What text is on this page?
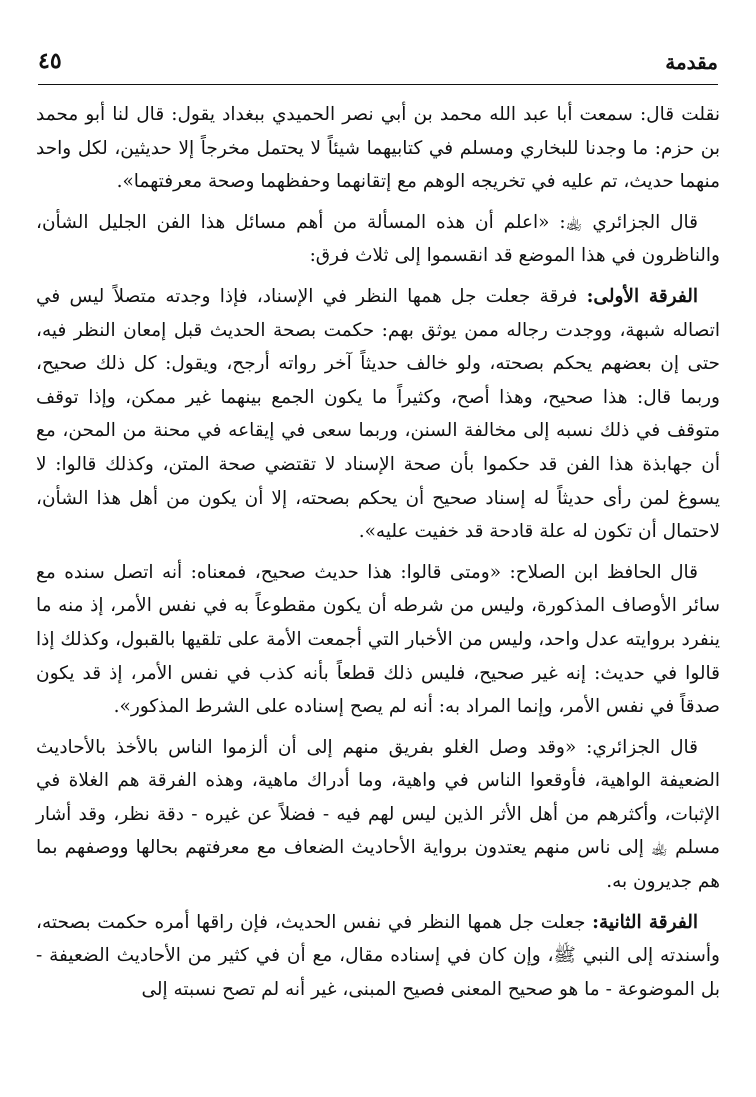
مقدمة
٤٥

نقلت قال: سمعت أبا عبد الله محمد بن أبي نصر الحميدي ببغداد يقول: قال لنا أبو محمد بن حزم: ما وجدنا للبخاري ومسلم في كتابيهما شيئاً لا يحتمل مخرجاً إلا حديثين، لكل واحد منهما حديث، تم عليه في تخريجه الوهم مع إتقانهما وحفظهما وصحة معرفتهما».

قال الجزائري ﵀: «اعلم أن هذه المسألة من أهم مسائل هذا الفن الجليل الشأن، والناظرون في هذا الموضع قد انقسموا إلى ثلاث فرق:

الفرقة الأولى: فرقة جعلت جل همها النظر في الإسناد، فإذا وجدته متصلاً ليس في اتصاله شبهة، ووجدت رجاله ممن يوثق بهم: حكمت بصحة الحديث قبل إمعان النظر فيه، حتى إن بعضهم يحكم بصحته، ولو خالف حديثاً آخر رواته أرجح، ويقول: كل ذلك صحيح، وربما قال: هذا صحيح، وهذا أصح، وكثيراً ما يكون الجمع بينهما غير ممكن، وإذا توقف متوقف في ذلك نسبه إلى مخالفة السنن، وربما سعى في إيقاعه في محنة من المحن، مع أن جهابذة هذا الفن قد حكموا بأن صحة الإسناد لا تقتضي صحة المتن، وكذلك قالوا: لا يسوغ لمن رأى حديثاً له إسناد صحيح أن يحكم بصحته، إلا أن يكون من أهل هذا الشأن، لاحتمال أن تكون له علة قادحة قد خفيت عليه».

قال الحافظ ابن الصلاح: «ومتى قالوا: هذا حديث صحيح، فمعناه: أنه اتصل سنده مع سائر الأوصاف المذكورة، وليس من شرطه أن يكون مقطوعاً به في نفس الأمر، إذ منه ما ينفرد بروايته عدل واحد، وليس من الأخبار التي أجمعت الأمة على تلقيها بالقبول، وكذلك إذا قالوا في حديث: إنه غير صحيح، فليس ذلك قطعاً بأنه كذب في نفس الأمر، إذ قد يكون صدقاً في نفس الأمر، وإنما المراد به: أنه لم يصح إسناده على الشرط المذكور».

قال الجزائري: «وقد وصل الغلو بفريق منهم إلى أن ألزموا الناس بالأخذ بالأحاديث الضعيفة الواهية، فأوقعوا الناس في واهية، وما أدراك ماهية، وهذه الفرقة هم الغلاة في الإثبات، وأكثرهم من أهل الأثر الذين ليس لهم فيه - فضلاً عن غيره - دقة نظر، وقد أشار مسلم ﵀ إلى ناس منهم يعتدون برواية الأحاديث الضعاف مع معرفتهم بحالها ووصفهم بما هم جديرون به.

الفرقة الثانية: جعلت جل همها النظر في نفس الحديث، فإن راقها أمره حكمت بصحته، وأسندته إلى النبي ﷺ، وإن كان في إسناده مقال، مع أن في كثير من الأحاديث الضعيفة - بل الموضوعة - ما هو صحيح المعنى فصيح المبنى، غير أنه لم تصح نسبته إلى
